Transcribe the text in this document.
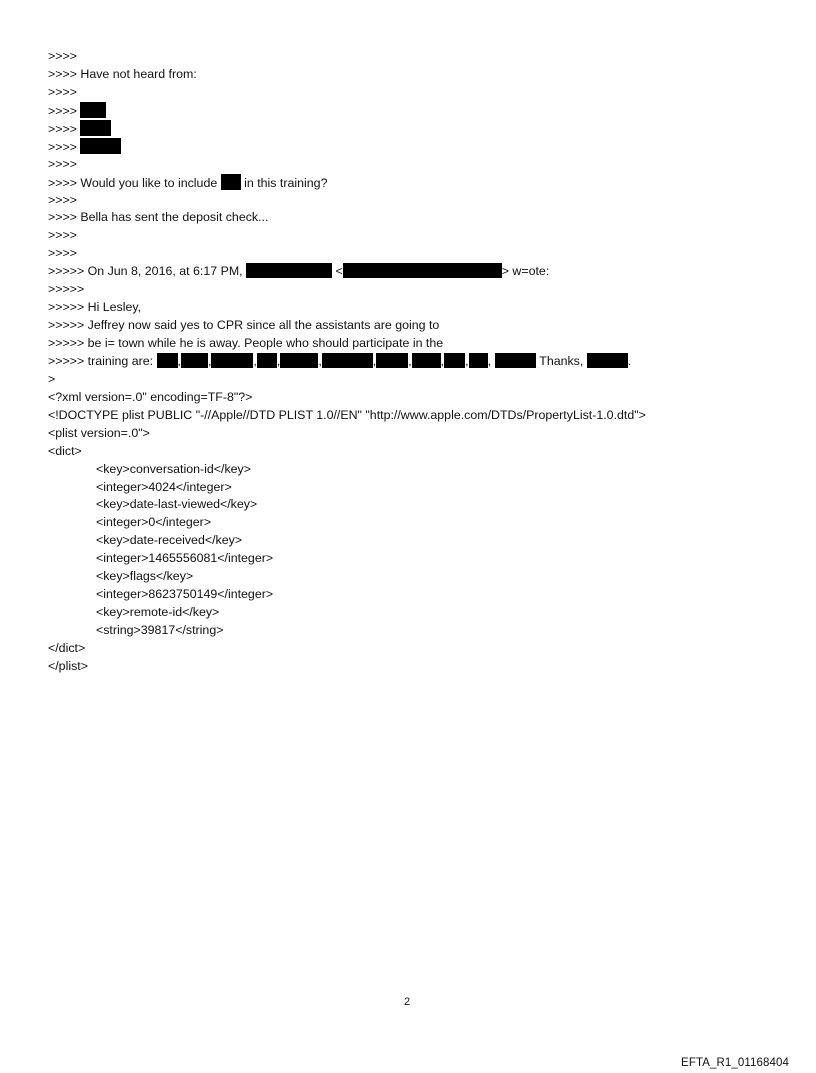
>>>>
>>>> Have not heard from:
>>>>
>>>>
>>>>
>>>>
>>>>
>>>> Would you like to include  in this training?
>>>>
>>>> Bella has sent the deposit check...
>>>>
>>>>
>>>>> On Jun 8, 2016, at 6:17 PM,	<	> w=ote:
>>>>>
>>>>> Hi Lesley,
>>>>> Jeffrey now said yes to CPR since all the assistants are going to
>>>>> be i= town while he is away. People who should participate in the
>>>>> training are: , ,	, ,	,	,	, , , ,	Thanks,	.
>
<?xml version=.0" encoding=TF-8"?>
<!DOCTYPE plist PUBLIC "-//Apple//DTD PLIST 1.0//EN" "http://www.apple.com/DTDs/PropertyList-1.0.dtd">
<plist version=.0">
<dict>
<key>conversation-id</key>
<integer>4024</integer>
<key>date-last-viewed</key>
<integer>0</integer>
<key>date-received</key>
<integer>1465556081</integer>
<key>flags</key>
<integer>8623750149</integer>
<key>remote-id</key>
<string>39817</string>
</dict>
</plist>
2
EFTA_R1_01168404
